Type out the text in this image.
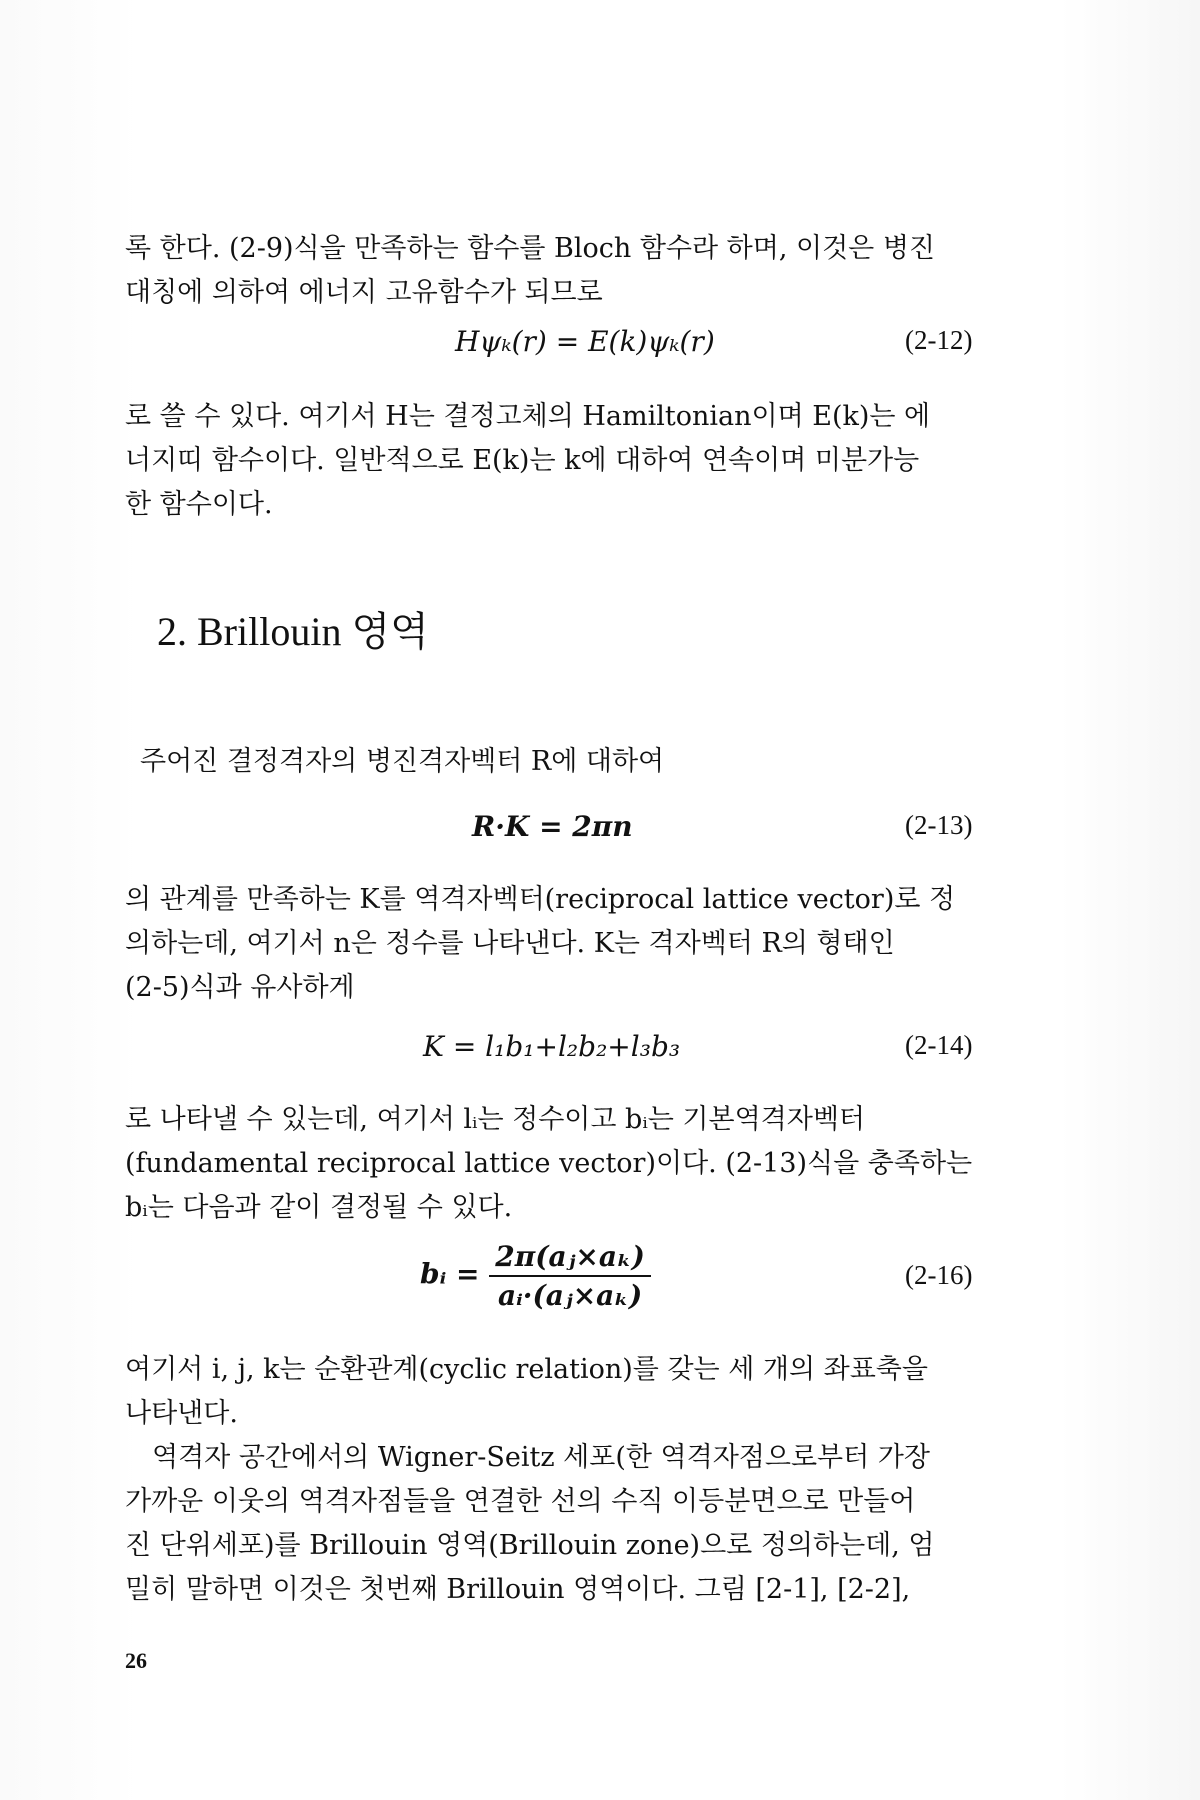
록 한다. (2-9)식을 만족하는 함수를 Bloch 함수라 하며, 이것은 병진
대칭에 의하여 에너지 고유함수가 되므로
Hψₖ(r) = E(k)ψₖ(r)	(2-12)
로 쓸 수 있다. 여기서 H는 결정고체의 Hamiltonian이며 E(k)는 에
너지띠 함수이다. 일반적으로 E(k)는 k에 대하여 연속이며 미분가능
한 함수이다.
2. Brillouin 영역
주어진 결정격자의 병진격자벡터 R에 대하여
R·K = 2πn	(2-13)
의 관계를 만족하는 K를 역격자벡터(reciprocal lattice vector)로 정
의하는데, 여기서 n은 정수를 나타낸다. K는 격자벡터 R의 형태인
(2-5)식과 유사하게
K = l₁b₁+l₂b₂+l₃b₃	(2-14)
로 나타낼 수 있는데, 여기서 lᵢ는 정수이고 bᵢ는 기본역격자벡터
(fundamental reciprocal lattice vector)이다. (2-13)식을 충족하는
bᵢ는 다음과 같이 결정될 수 있다.
bᵢ = $\frac{\text{2π(aⱼ×aₖ)}}{\text{aᵢ·(aⱼ×aₖ)}}$	(2-16)
여기서 i, j, k는 순환관계(cyclic relation)를 갖는 세 개의 좌표축을
나타낸다.
　역격자 공간에서의 Wigner-Seitz 세포(한 역격자점으로부터 가장
가까운 이웃의 역격자점들을 연결한 선의 수직 이등분면으로 만들어
진 단위세포)를 Brillouin 영역(Brillouin zone)으로 정의하는데, 엄
밀히 말하면 이것은 첫번째 Brillouin 영역이다. 그림 [2-1], [2-2],
26
